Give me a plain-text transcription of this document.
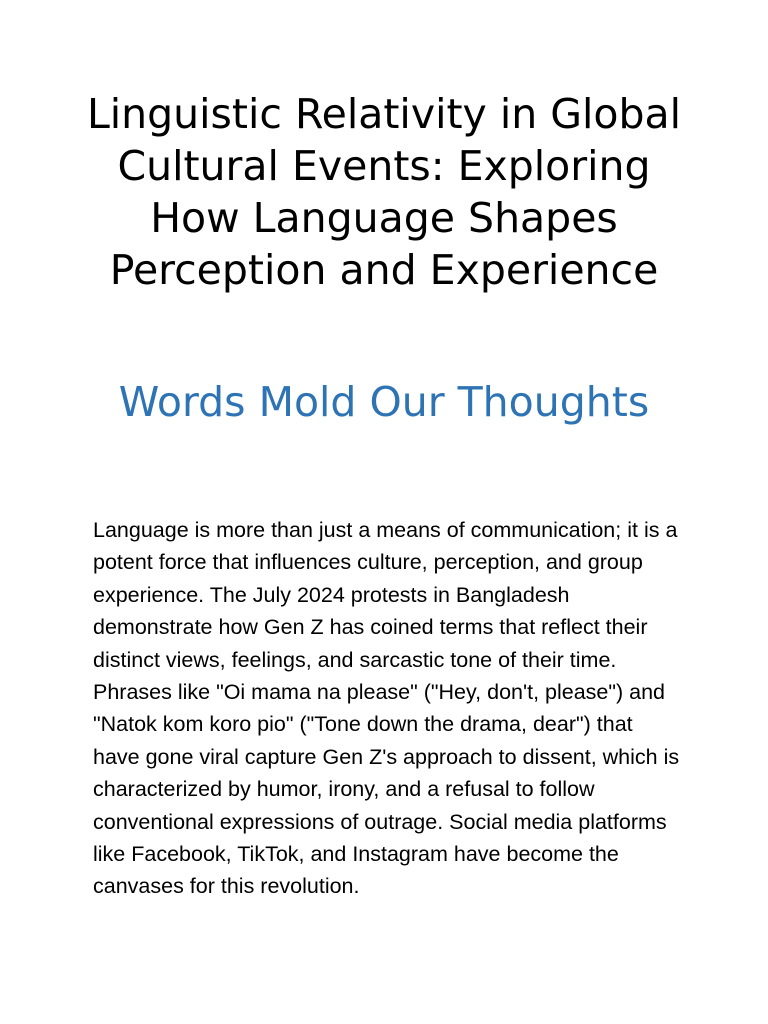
Linguistic Relativity in Global Cultural Events: Exploring How Language Shapes Perception and Experience
Words Mold Our Thoughts

Language is more than just a means of communication; it is a potent force that influences culture, perception, and group experience. The July 2024 protests in Bangladesh demonstrate how Gen Z has coined terms that reflect their distinct views, feelings, and sarcastic tone of their time. Phrases like "Oi mama na please" ("Hey, don't, please") and "Natok kom koro pio" ("Tone down the drama, dear") that have gone viral capture Gen Z's approach to dissent, which is characterized by humor, irony, and a refusal to follow conventional expressions of outrage. Social media platforms like Facebook, TikTok, and Instagram have become the canvases for this revolution.
